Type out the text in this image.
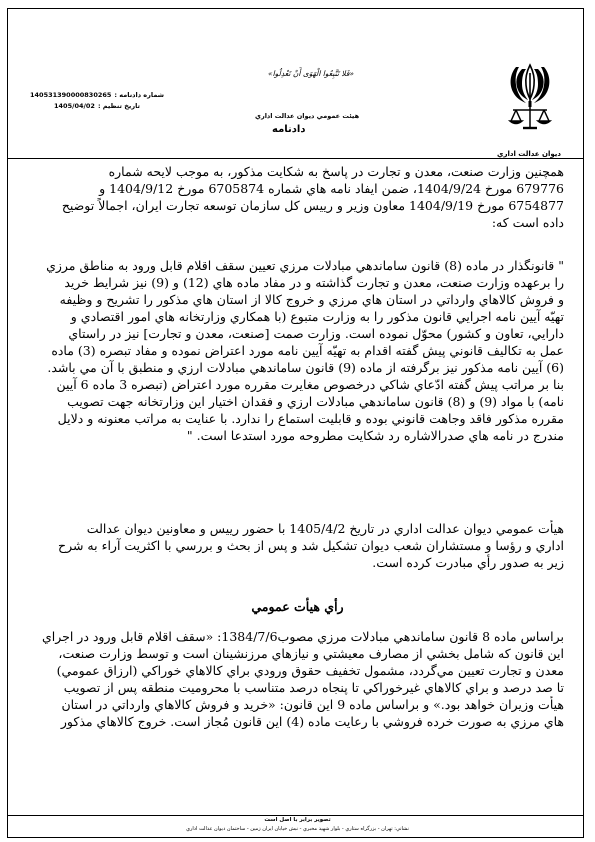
ديوان عدالت اداري
«فَلا تَتَّبِعُوا الْهَوَى أَنْ تَعْدِلُوا»
هيئت عمومي ديوان عدالت اداري
دادنامه
140531390000830265 شماره دادنامه :
1405/04/02 تاريخ تنظيم :
همچنين وزارت صنعت، معدن و تجارت در پاسخ به شكايت مذكور، به موجب لايحه شماره
679776 مورخ 1404/9/24، ضمن ايفاد نامه هاي شماره 6705874 مورخ 1404/9/12 و
6754877 مورخ 1404/9/19 معاون وزير و رييس كل سازمان توسعه تجارت ايران، اجمالاً توضيح
داده است كه:
" قانونگذار در ماده (8) قانون ساماندهي مبادلات مرزي تعيين سقف اقلام قابل ورود به مناطق مرزي
را برعهده وزارت صنعت، معدن و تجارت گذاشته و در مفاد ماده هاي (12) و (9) نيز شرايط خريد
و فروش كالاهاي وارداتي در استان هاي مرزي و خروج كالا از استان هاي مذكور را تشريح و وظيفه
تهيّه آيين نامه اجرايي قانون مذكور را به وزارت متبوع (با همكاري وزارتخانه هاي امور اقتصادي و
دارايي، تعاون و كشور) محوّل نموده است. وزارت صمت [صنعت، معدن و تجارت] نيز در راستاي
عمل به تكاليف قانوني پيش گفته اقدام به تهيّه آيين نامه مورد اعتراض نموده و مفاد تبصره (3) ماده
(6) آيين نامه مذكور نيز برگرفته از ماده (9) قانون ساماندهي مبادلات ارزي و منطبق با آن مي باشد.
بنا بر مراتب پيش گفته ادّعاي شاكي درخصوص مغايرت مقرره مورد اعتراض (تبصره 3 ماده 6 آيين
نامه) با مواد (9) و (8) قانون ساماندهي مبادلات ارزي و فقدان اختيار اين وزارتخانه جهت تصويب
مقرره مذكور فاقد وجاهت قانوني بوده و قابليت استماع را ندارد. با عنايت به مراتب معنونه و دلايل
مندرج در نامه هاي صدرالاشاره رد شكايت مطروحه مورد استدعا است. "
هيأت عمومي ديوان عدالت اداري در تاريخ 1405/4/2 با حضور رييس و معاونين ديوان عدالت
اداري و رؤسا و مستشاران شعب ديوان تشكيل شد و پس از بحث و بررسي با اكثريت آراء به شرح
زير به صدور رأي مبادرت كرده است.
رأي هيأت عمومي
براساس ماده 8 قانون ساماندهي مبادلات مرزي مصوب1384/7/6: «سقف اقلام قابل ورود در اجراي
اين قانون كه شامل بخشي از مصارف معيشتي و نيازهاي مرزنشينان است و توسط وزارت صنعت،
معدن و تجارت تعيين مي‌گردد، مشمول تخفيف حقوق ورودي براي كالاهاي خوراكي (ارزاق عمومي)
تا صد درصد و براي كالاهاي غيرخوراكي تا پنجاه درصد متناسب با محروميت منطقه پس از تصويب
هيأت وزيران خواهد بود.» و براساس ماده 9 اين قانون: «خريد و فروش كالاهاي وارداتي در استان
هاي مرزي به صورت خرده فروشي با رعايت ماده (4) اين قانون مُجاز است. خروج كالاهاي مذكور
تصوير برابر با اصل است
نشاني: تهران - بزرگراه ستاري - بلوار شهيد مخبري - نبش خيابان ايران زمين - ساختمان ديوان عدالت اداري
